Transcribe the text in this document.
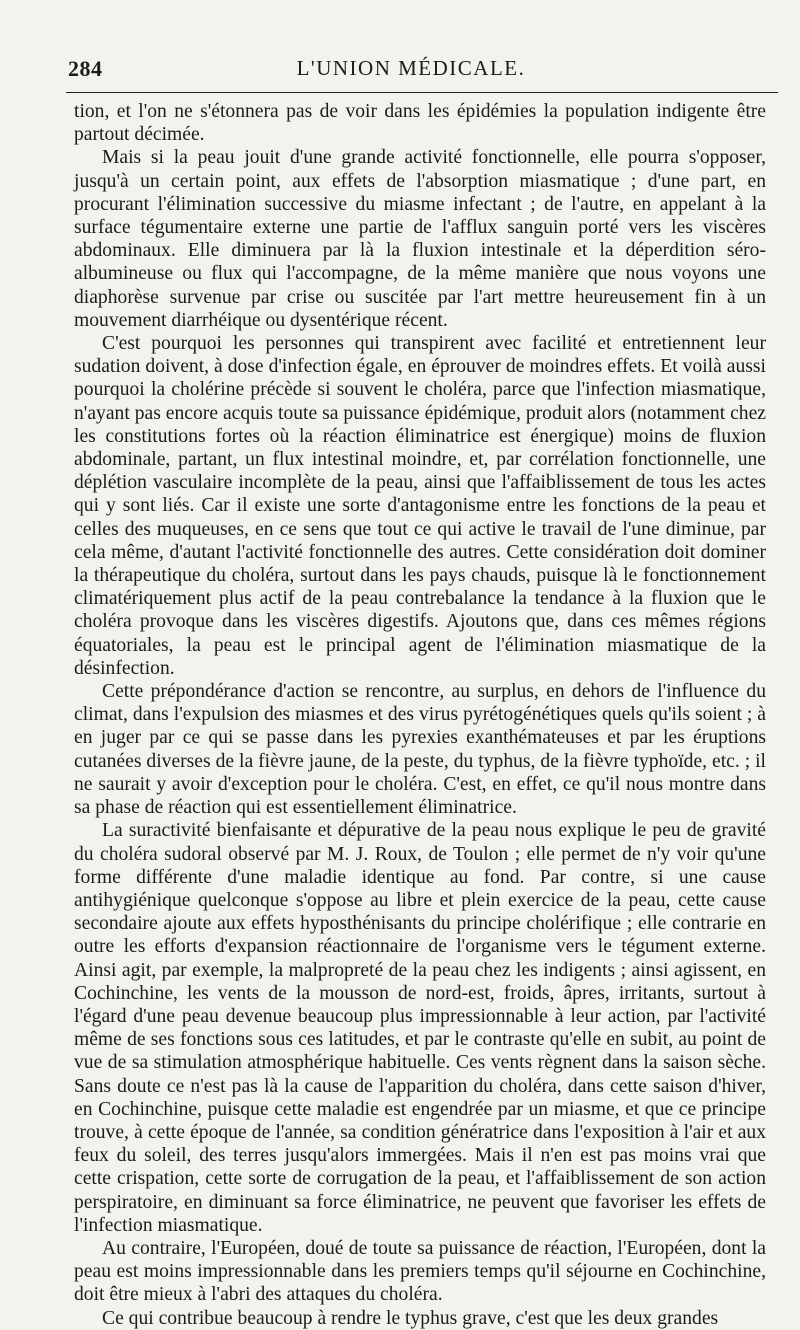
284	L'UNION MÉDICALE.

tion, et l'on ne s'étonnera pas de voir dans les épidémies la population indigente être partout décimée.

Mais si la peau jouit d'une grande activité fonctionnelle, elle pourra s'opposer, jusqu'à un certain point, aux effets de l'absorption miasmatique ; d'une part, en procurant l'élimination successive du miasme infectant ; de l'autre, en appelant à la surface tégumentaire externe une partie de l'afflux sanguin porté vers les viscères abdominaux. Elle diminuera par là la fluxion intestinale et la déperdition séro-albumineuse ou flux qui l'accompagne, de la même manière que nous voyons une diaphorèse survenue par crise ou suscitée par l'art mettre heureusement fin à un mouvement diarrhéique ou dysentérique récent.

C'est pourquoi les personnes qui transpirent avec facilité et entretiennent leur sudation doivent, à dose d'infection égale, en éprouver de moindres effets. Et voilà aussi pourquoi la cholérine précède si souvent le choléra, parce que l'infection miasmatique, n'ayant pas encore acquis toute sa puissance épidémique, produit alors (notamment chez les constitutions fortes où la réaction éliminatrice est énergique) moins de fluxion abdominale, partant, un flux intestinal moindre, et, par corrélation fonctionnelle, une déplétion vasculaire incomplète de la peau, ainsi que l'affaiblissement de tous les actes qui y sont liés. Car il existe une sorte d'antagonisme entre les fonctions de la peau et celles des muqueuses, en ce sens que tout ce qui active le travail de l'une diminue, par cela même, d'autant l'activité fonctionnelle des autres. Cette considération doit dominer la thérapeutique du choléra, surtout dans les pays chauds, puisque là le fonctionnement climatériquement plus actif de la peau contrebalance la tendance à la fluxion que le choléra provoque dans les viscères digestifs. Ajoutons que, dans ces mêmes régions équatoriales, la peau est le principal agent de l'élimination miasmatique de la désinfection.

Cette prépondérance d'action se rencontre, au surplus, en dehors de l'influence du climat, dans l'expulsion des miasmes et des virus pyrétogénétiques quels qu'ils soient ; à en juger par ce qui se passe dans les pyrexies exanthémateuses et par les éruptions cutanées diverses de la fièvre jaune, de la peste, du typhus, de la fièvre typhoïde, etc. ; il ne saurait y avoir d'exception pour le choléra. C'est, en effet, ce qu'il nous montre dans sa phase de réaction qui est essentiellement éliminatrice.

La suractivité bienfaisante et dépurative de la peau nous explique le peu de gravité du choléra sudoral observé par M. J. Roux, de Toulon ; elle permet de n'y voir qu'une forme différente d'une maladie identique au fond. Par contre, si une cause antihygiénique quelconque s'oppose au libre et plein exercice de la peau, cette cause secondaire ajoute aux effets hyposthénisants du principe cholérifique ; elle contrarie en outre les efforts d'expansion réactionnaire de l'organisme vers le tégument externe. Ainsi agit, par exemple, la malpropreté de la peau chez les indigents ; ainsi agissent, en Cochinchine, les vents de la mousson de nord-est, froids, âpres, irritants, surtout à l'égard d'une peau devenue beaucoup plus impressionnable à leur action, par l'activité même de ses fonctions sous ces latitudes, et par le contraste qu'elle en subit, au point de vue de sa stimulation atmosphérique habituelle. Ces vents règnent dans la saison sèche. Sans doute ce n'est pas là la cause de l'apparition du choléra, dans cette saison d'hiver, en Cochinchine, puisque cette maladie est engendrée par un miasme, et que ce principe trouve, à cette époque de l'année, sa condition génératrice dans l'exposition à l'air et aux feux du soleil, des terres jusqu'alors immergées. Mais il n'en est pas moins vrai que cette crispation, cette sorte de corrugation de la peau, et l'affaiblissement de son action perspiratoire, en diminuant sa force éliminatrice, ne peuvent que favoriser les effets de l'infection miasmatique.

Au contraire, l'Européen, doué de toute sa puissance de réaction, l'Européen, dont la peau est moins impressionnable dans les premiers temps qu'il séjourne en Cochinchine, doit être mieux à l'abri des attaques du choléra.

Ce qui contribue beaucoup à rendre le typhus grave, c'est que les deux grandes
